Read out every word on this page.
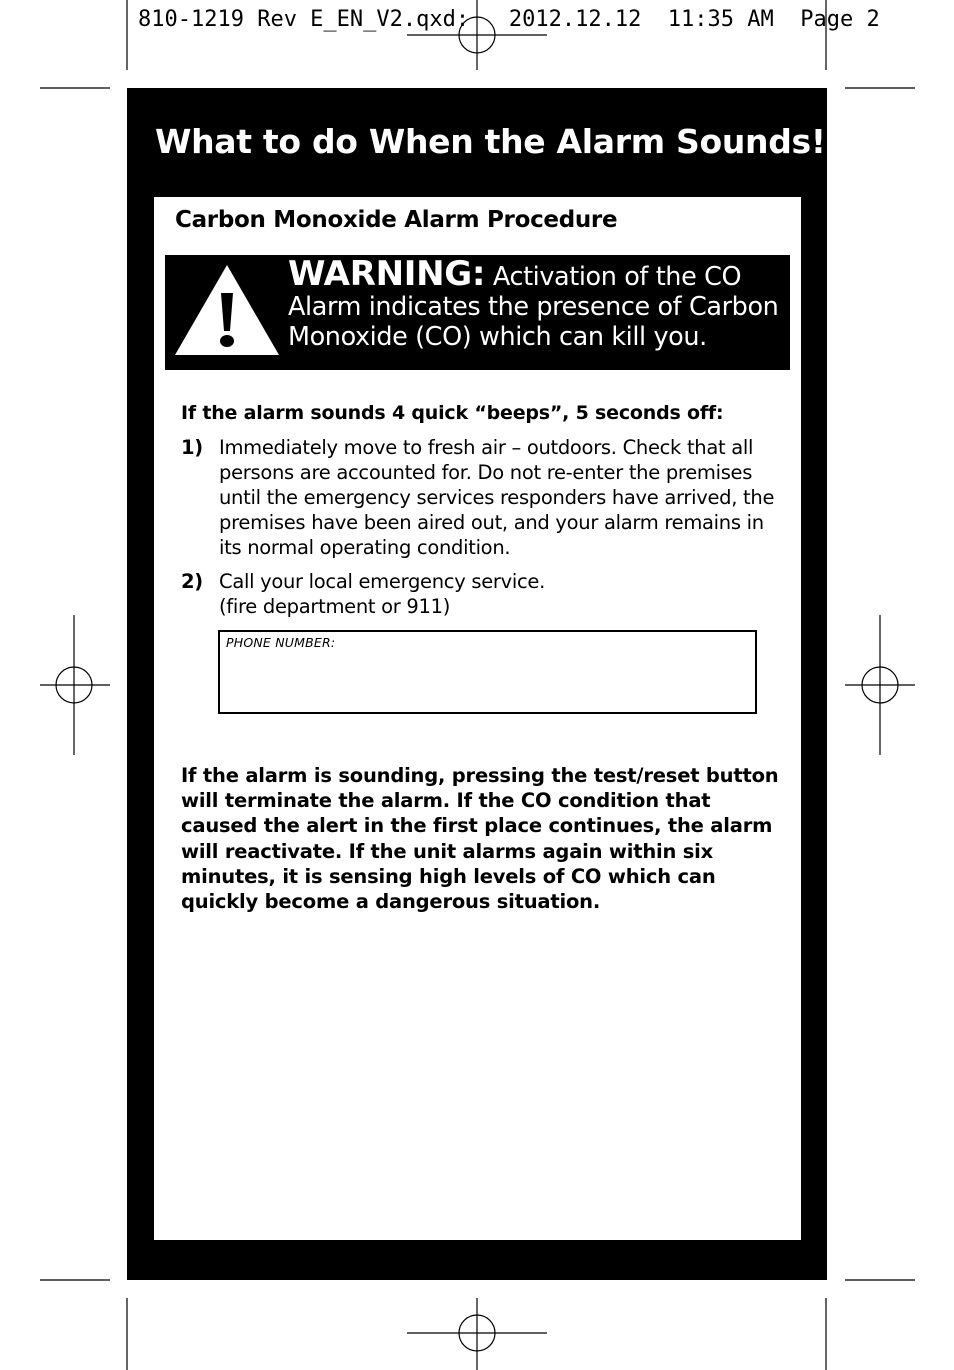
810-1219 Rev E_EN_V2.qxd:   2012.12.12  11:35 AM  Page 2
What to do When the Alarm Sounds!
Carbon Monoxide Alarm Procedure
WARNING: Activation of the CO Alarm indicates the presence of Carbon Monoxide (CO) which can kill you.

If the alarm sounds 4 quick “beeps”, 5 seconds off:

1) Immediately move to fresh air – outdoors. Check that all persons are accounted for. Do not re-enter the premises until the emergency services responders have arrived, the premises have been aired out, and your alarm remains in its normal operating condition.
2) Call your local emergency service.
(fire department or 911)
PHONE NUMBER:

If the alarm is sounding, pressing the test/reset button will terminate the alarm. If the CO condition that caused the alert in the first place continues, the alarm will reactivate. If the unit alarms again within six minutes, it is sensing high levels of CO which can quickly become a dangerous situation.
